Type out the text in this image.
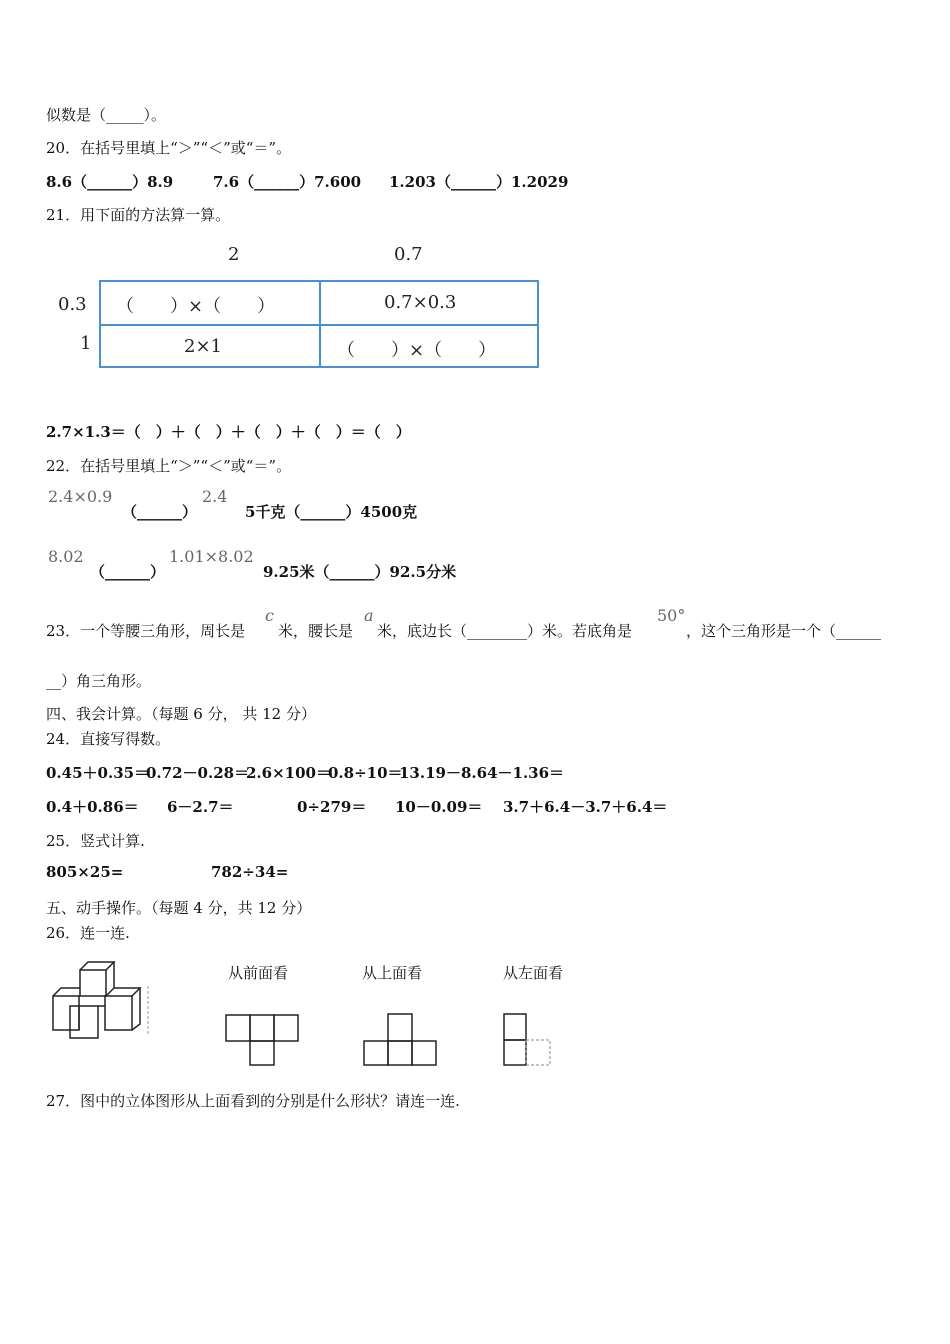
似数是（_____）。
20．在括号里填上“＞”“＜”或“＝”。
8.6（______）8.9	7.6（______）7.600 1.203（______）1.2029
21．用下面的方法算一算。
2	0.7
0.3
1
（　　）×（　　）	0.7×0.3
2×1	（　　）×（　　）
2.7×1.3＝（　）＋（　）＋（　）＋（　）＝（　）
22．在括号里填上“＞”“＜”或“＝”。
2.4×0.9
（______）
2.4
5千克（______）4500克
8.02
（______）
1.01×8.02
9.25米（______）92.5分米
23．一个等腰三角形，周长是
c
米，腰长是
a
米，底边长（________）米。若底角是
50°
，这个三角形是一个（______
__）角三角形。
四、我会计算。（每题 6 分， 共 12 分）
24．直接写得数。
0.45＋0.35＝
0.72－0.28＝
2.6×100＝
0.8÷10＝
13.19－8.64－1.36＝
0.4＋0.86＝ 6－2.7＝	0÷279＝ 10－0.09＝ 3.7＋6.4－3.7＋6.4＝
25．竖式计算.
805×25=	782÷34=
五、动手操作。（每题 4 分，共 12 分）
26．连一连.
从前面看	从上面看	从左面看
27．图中的立体图形从上面看到的分别是什么形状？请连一连.
